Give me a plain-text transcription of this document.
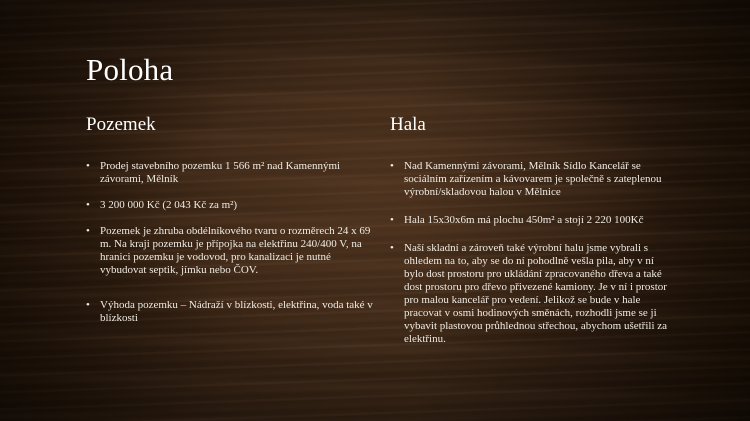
Poloha
Pozemek
• Prodej stavebního pozemku 1 566 m² nad Kamennými závorami, Mělník
• 3 200 000 Kč (2 043 Kč za m²)
• Pozemek je zhruba obdélníkového tvaru o rozměrech 24 x 69 m. Na kraji pozemku je přípojka na elektřinu 240/400 V, na hranici pozemku je vodovod, pro kanalizaci je nutné vybudovat septik, jímku nebo ČOV.
• Výhoda pozemku – Nádraží v blízkosti, elektřina, voda také v blízkosti
Hala
• Nad Kamennými závorami, Mělník Sídlo Kancelář se sociálním zařízením a kávovarem je společně s zateplenou výrobní/skladovou halou v Mělnice
• Hala 15x30x6m má plochu 450m² a stojí 2 220 100Kč
• Naší skladní a zároveň také výrobní halu jsme vybrali s ohledem na to, aby se do ní pohodlně vešla pila, aby v ní bylo dost prostoru pro ukládání zpracovaného dřeva a také dost prostoru pro dřevo přivezené kamiony. Je v ní i prostor pro malou kancelář pro vedení. Jelikož se bude v hale pracovat v osmi hodinových směnách, rozhodli jsme se ji vybavit plastovou průhlednou střechou, abychom ušetřili za elektřinu.
